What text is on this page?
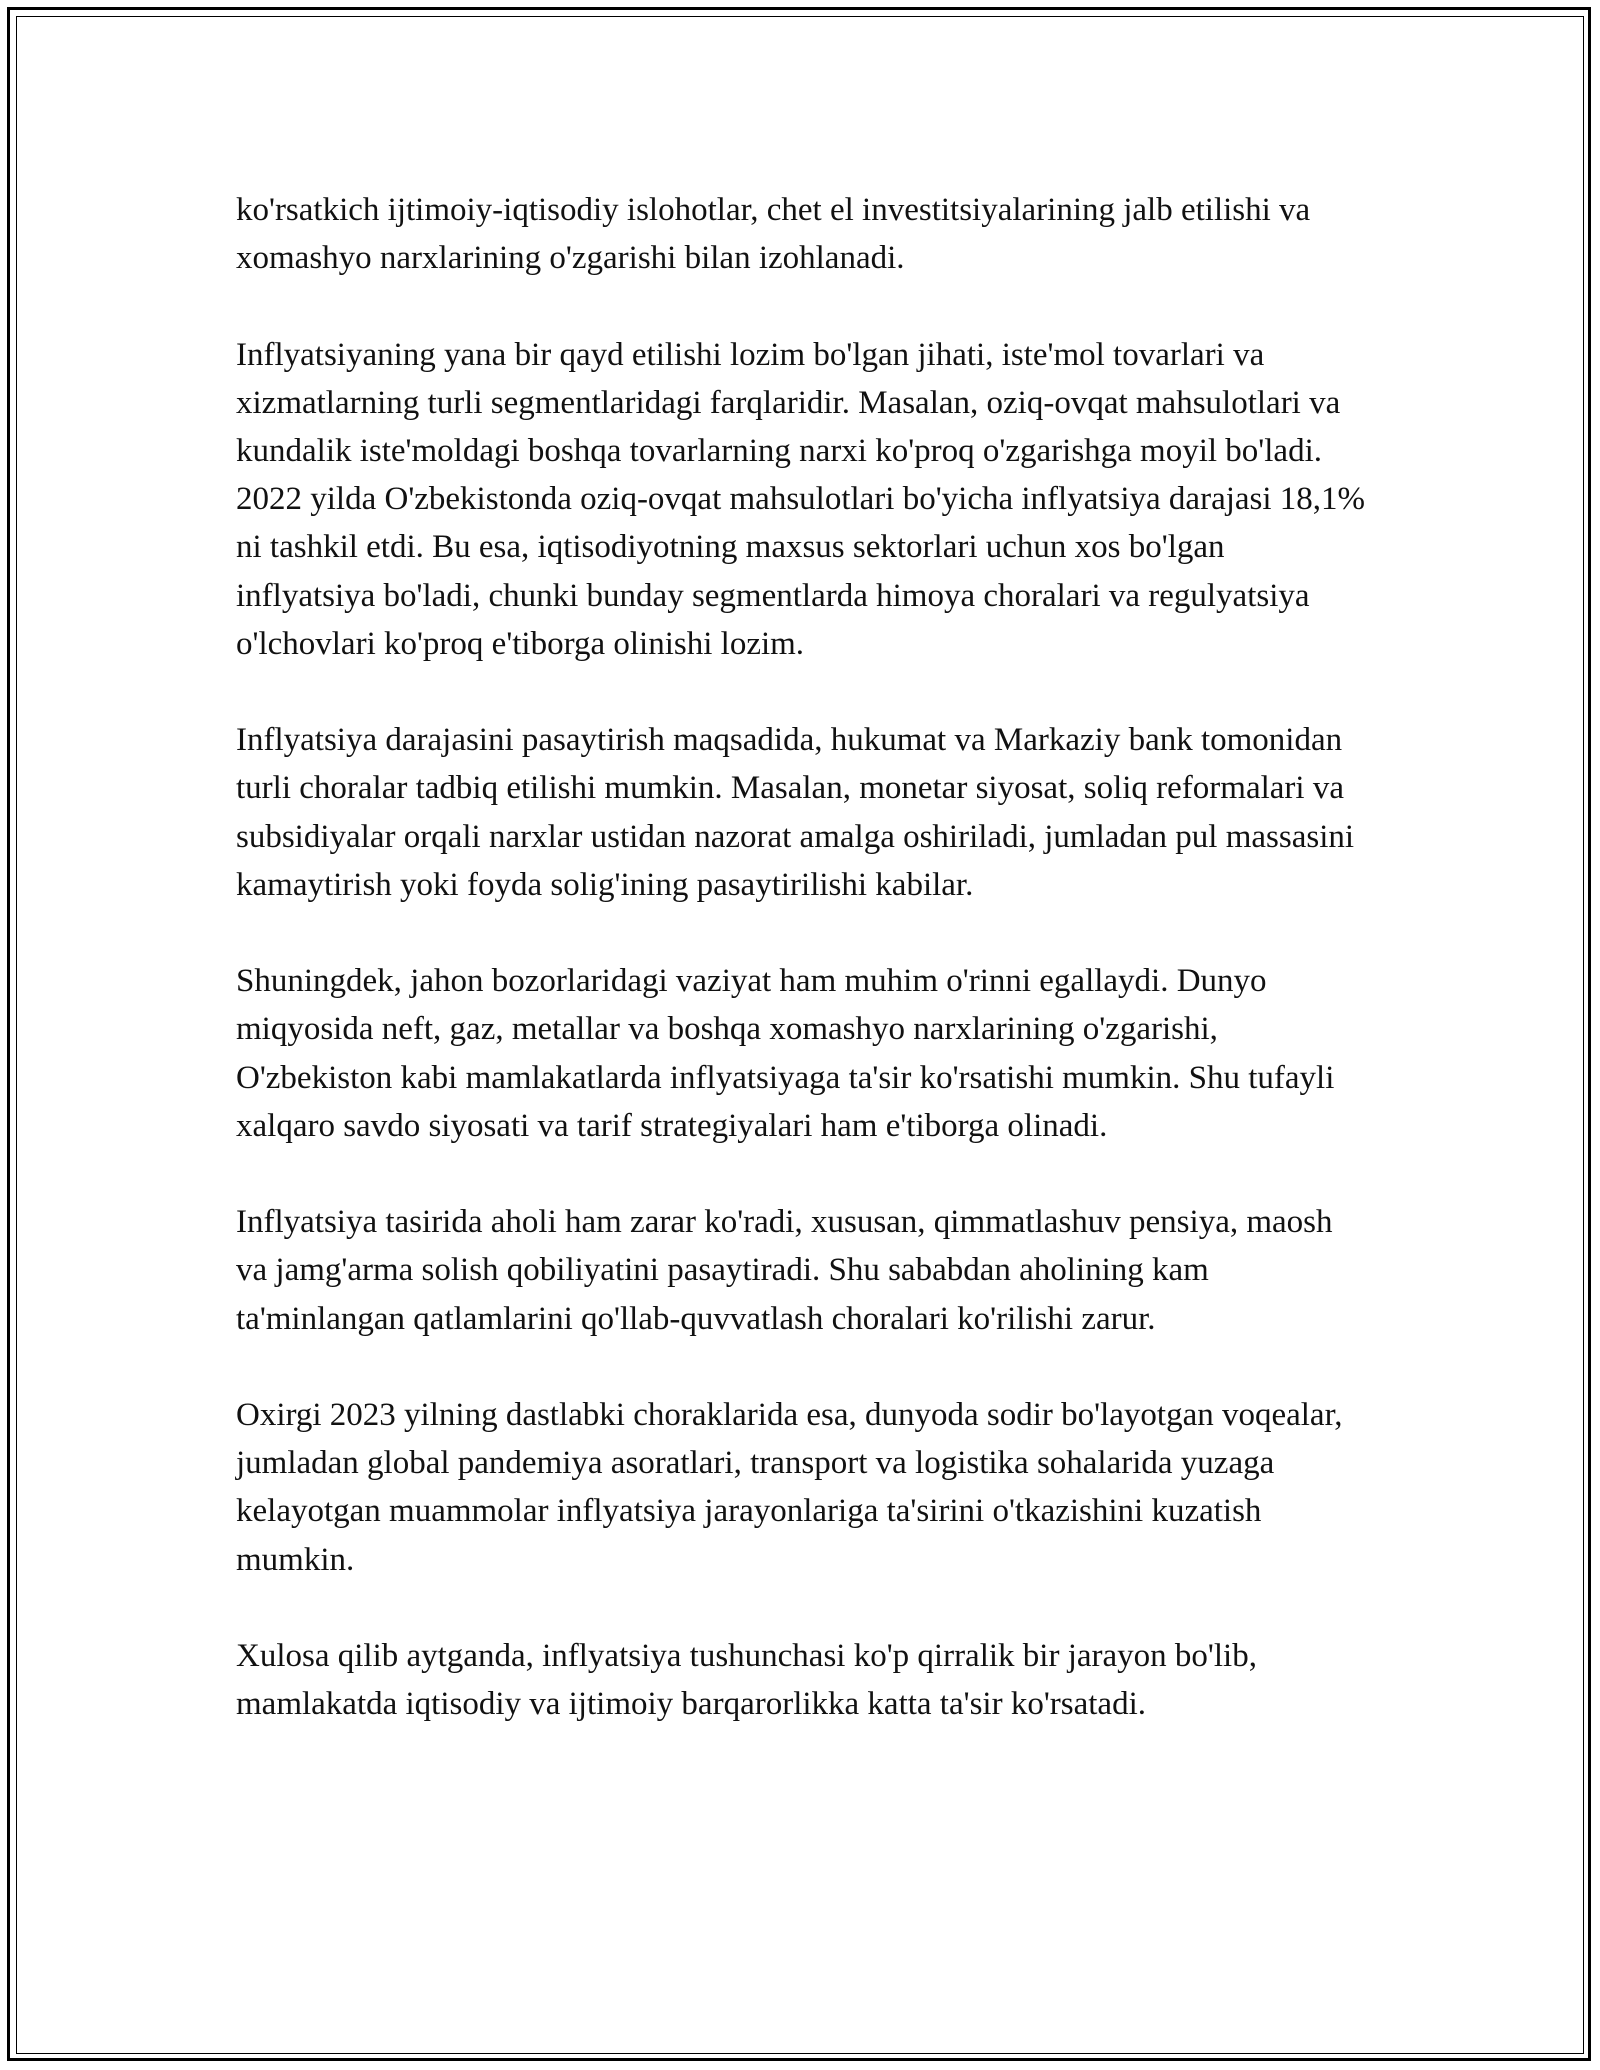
ko'rsatkich ijtimoiy-iqtisodiy islohotlar, chet el investitsiyalarining jalb etilishi va xomashyo narxlarining o'zgarishi bilan izohlanadi.

Inflyatsiyaning yana bir qayd etilishi lozim bo'lgan jihati, iste'mol tovarlari va xizmatlarning turli segmentlaridagi farqlaridir. Masalan, oziq-ovqat mahsulotlari va kundalik iste'moldagi boshqa tovarlarning narxi ko'proq o'zgarishga moyil bo'ladi. 2022 yilda O'zbekistonda oziq-ovqat mahsulotlari bo'yicha inflyatsiya darajasi 18,1% ni tashkil etdi. Bu esa, iqtisodiyotning maxsus sektorlari uchun xos bo'lgan inflyatsiya bo'ladi, chunki bunday segmentlarda himoya choralari va regulyatsiya o'lchovlari ko'proq e'tiborga olinishi lozim.

Inflyatsiya darajasini pasaytirish maqsadida, hukumat va Markaziy bank tomonidan turli choralar tadbiq etilishi mumkin. Masalan, monetar siyosat, soliq reformalari va subsidiyalar orqali narxlar ustidan nazorat amalga oshiriladi, jumladan pul massasini kamaytirish yoki foyda solig'ining pasaytirilishi kabilar.

Shuningdek, jahon bozorlaridagi vaziyat ham muhim o'rinni egallaydi. Dunyo miqyosida neft, gaz, metallar va boshqa xomashyo narxlarining o'zgarishi, O'zbekiston kabi mamlakatlarda inflyatsiyaga ta'sir ko'rsatishi mumkin. Shu tufayli xalqaro savdo siyosati va tarif strategiyalari ham e'tiborga olinadi.

Inflyatsiya tasirida aholi ham zarar ko'radi, xususan, qimmatlashuv pensiya, maosh va jamg'arma solish qobiliyatini pasaytiradi. Shu sababdan aholining kam ta'minlangan qatlamlarini qo'llab-quvvatlash choralari ko'rilishi zarur.

Oxirgi 2023 yilning dastlabki choraklarida esa, dunyoda sodir bo'layotgan voqealar, jumladan global pandemiya asoratlari, transport va logistika sohalarida yuzaga kelayotgan muammolar inflyatsiya jarayonlariga ta'sirini o'tkazishini kuzatish mumkin.

Xulosa qilib aytganda, inflyatsiya tushunchasi ko'p qirralik bir jarayon bo'lib, mamlakatda iqtisodiy va ijtimoiy barqarorlikka katta ta'sir ko'rsatadi.
